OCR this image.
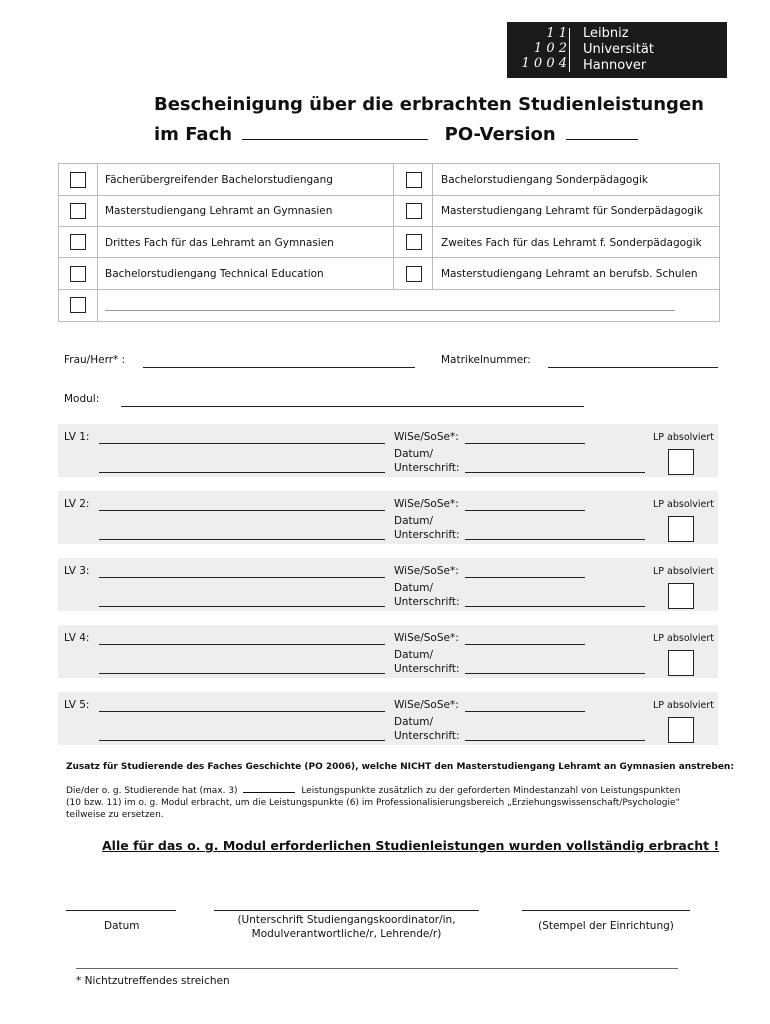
1 1
1 0 2
1 0 0 4
Leibniz
Universität
Hannover
Bescheinigung über die erbrachten Studienleistungen
im Fach	PO-Version
Fächerübergreifender Bachelorstudiengang	Bachelorstudiengang Sonderpädagogik
Masterstudiengang Lehramt an Gymnasien	Masterstudiengang Lehramt für Sonderpädagogik
Drittes Fach für das Lehramt an Gymnasien	Zweites Fach für das Lehramt f. Sonderpädagogik
Bachelorstudiengang Technical Education	Masterstudiengang Lehramt an berufsb. Schulen
Frau/Herr* :	Matrikelnummer:
Modul:
LV 1:	WiSe/SoSe*:
Datum/
Unterschrift:
LP absolviert
LV 2:	WiSe/SoSe*:
Datum/
Unterschrift:
LP absolviert
LV 3:	WiSe/SoSe*:
Datum/
Unterschrift:
LP absolviert
LV 4:	WiSe/SoSe*:
Datum/
Unterschrift:
LP absolviert
LV 5:	WiSe/SoSe*:
Datum/
Unterschrift:
LP absolviert
Zusatz für Studierende des Faches Geschichte (PO 2006), welche NICHT den Masterstudiengang Lehramt an Gymnasien anstreben:
Die/der o. g. Studierende hat (max. 3)	Leistungspunkte zusätzlich zu der geforderten Mindestanzahl von Leistungspunkten
(10 bzw. 11) im o. g. Modul erbracht, um die Leistungspunkte (6) im Professionalisierungsbereich „Erziehungswissenschaft/Psychologie“
teilweise zu ersetzen.
Alle für das o. g. Modul erforderlichen Studienleistungen wurden vollständig erbracht !
Datum	(Unterschrift Studiengangskoordinator/in,
Modulverantwortliche/r, Lehrende/r)
(Stempel der Einrichtung)
* Nichtzutreffendes streichen
